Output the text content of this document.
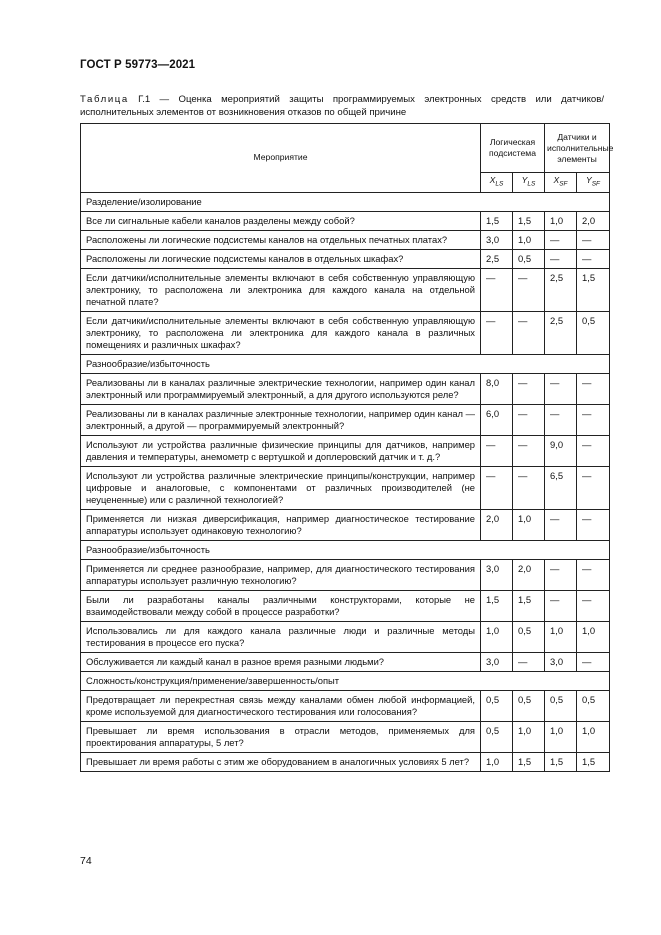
ГОСТ Р 59773—2021
Таблица Г.1 — Оценка мероприятий защиты программируемых электронных средств или датчиков/исполнительных элементов от возникновения отказов по общей причине
Мероприятие	Логическая подсистема		Датчики и исполнительные элементы	
	$X_{LS}$	$Y_{LS}$	$X_{SF}$	$Y_{SF}$
Разделение/изолирование				
Все ли сигнальные кабели каналов разделены между собой?	1,5	1,5	1,0	2,0
Расположены ли логические подсистемы каналов на отдельных печатных платах?	3,0	1,0	—	—
Расположены ли логические подсистемы каналов в отдельных шкафах?	2,5	0,5	—	—
Если датчики/исполнительные элементы включают в себя собственную управляющую электронику, то расположена ли электроника для каждого канала на отдельной печатной плате?	—	—	2,5	1,5
Если датчики/исполнительные элементы включают в себя собственную управляющую электронику, то расположена ли электроника для каждого канала в различных помещениях и различных шкафах?	—	—	2,5	0,5
Разнообразие/избыточность				
Реализованы ли в каналах различные электрические технологии, например один канал электронный или программируемый электронный, а для другого используются реле?	8,0	—	—	—
Реализованы ли в каналах различные электронные технологии, например один канал — электронный, а другой — программируемый электронный?	6,0	—	—	—
Используют ли устройства различные физические принципы для датчиков, например давления и температуры, анемометр с вертушкой и доплеровский датчик и т. д.?	—	—	9,0	—
Используют ли устройства различные электрические принципы/конструкции, например цифровые и аналоговые, с компонентами от различных производителей (не неуцененные) или с различной технологией?	—	—	6,5	—
Применяется ли низкая диверсификация, например диагностическое тестирование аппаратуры использует одинаковую технологию?	2,0	1,0	—	—
Разнообразие/избыточность				
Применяется ли среднее разнообразие, например, для диагностического тестирования аппаратуры использует различную технологию?	3,0	2,0	—	—
Были ли разработаны каналы различными конструкторами, которые не взаимодействовали между собой в процессе разработки?	1,5	1,5	—	—
Использовались ли для каждого канала различные люди и различные методы тестирования в процессе его пуска?	1,0	0,5	1,0	1,0
Обслуживается ли каждый канал в разное время разными людьми?	3,0	—	3,0	—
Сложность/конструкция/применение/завершенность/опыт				
Предотвращает ли перекрестная связь между каналами обмен любой информацией, кроме используемой для диагностического тестирования или голосования?	0,5	0,5	0,5	0,5
Превышает ли время использования в отрасли методов, применяемых для проектирования аппаратуры, 5 лет?	0,5	1,0	1,0	1,0
Превышает ли время работы с этим же оборудованием в аналогичных условиях 5 лет?	1,0	1,5	1,5	1,5
74
